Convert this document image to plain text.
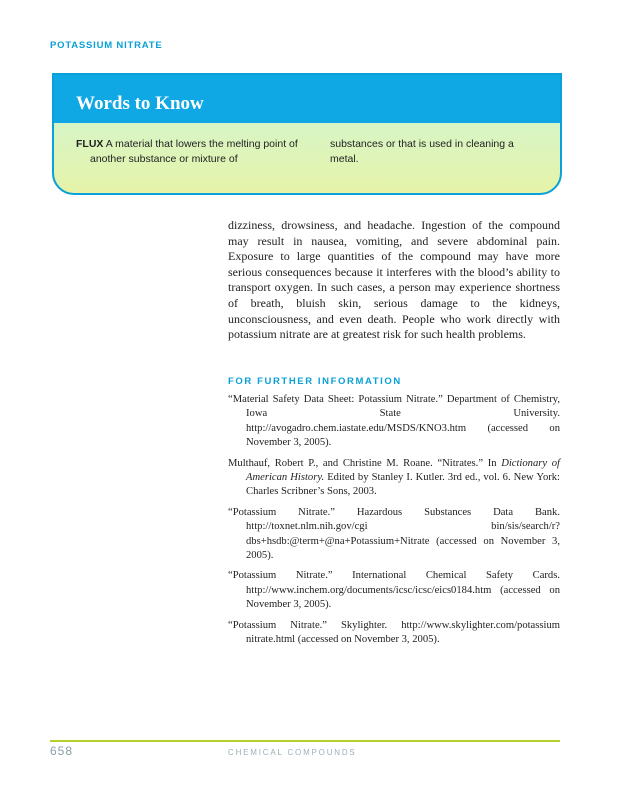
POTASSIUM NITRATE
Words to Know
FLUX A material that lowers the melting point of another substance or mixture of
substances or that is used in cleaning a metal.
dizziness, drowsiness, and headache. Ingestion of the compound may result in nausea, vomiting, and severe abdominal pain. Exposure to large quantities of the compound may have more serious consequences because it interferes with the blood’s ability to transport oxygen. In such cases, a person may experience shortness of breath, bluish skin, serious damage to the kidneys, unconsciousness, and even death. People who work directly with potassium nitrate are at greatest risk for such health problems.
FOR FURTHER INFORMATION
“Material Safety Data Sheet: Potassium Nitrate.” Department of Chemistry, Iowa State University. http://avogadro.chem.iastate.edu/MSDS/KNO3.htm (accessed on November 3, 2005).
Multhauf, Robert P., and Christine M. Roane. “Nitrates.” In Dictionary of American History. Edited by Stanley I. Kutler. 3rd ed., vol. 6. New York: Charles Scribner’s Sons, 2003.
“Potassium Nitrate.” Hazardous Substances Data Bank. http://toxnet.nlm.nih.gov/cgi bin/sis/search/r?dbs+hsdb:@term+@na+Potassium+Nitrate (accessed on November 3, 2005).
“Potassium Nitrate.” International Chemical Safety Cards. http://www.inchem.org/documents/icsc/icsc/eics0184.htm (accessed on November 3, 2005).
“Potassium Nitrate.” Skylighter. http://www.skylighter.com/potassium nitrate.html (accessed on November 3, 2005).
658	CHEMICAL COMPOUNDS
